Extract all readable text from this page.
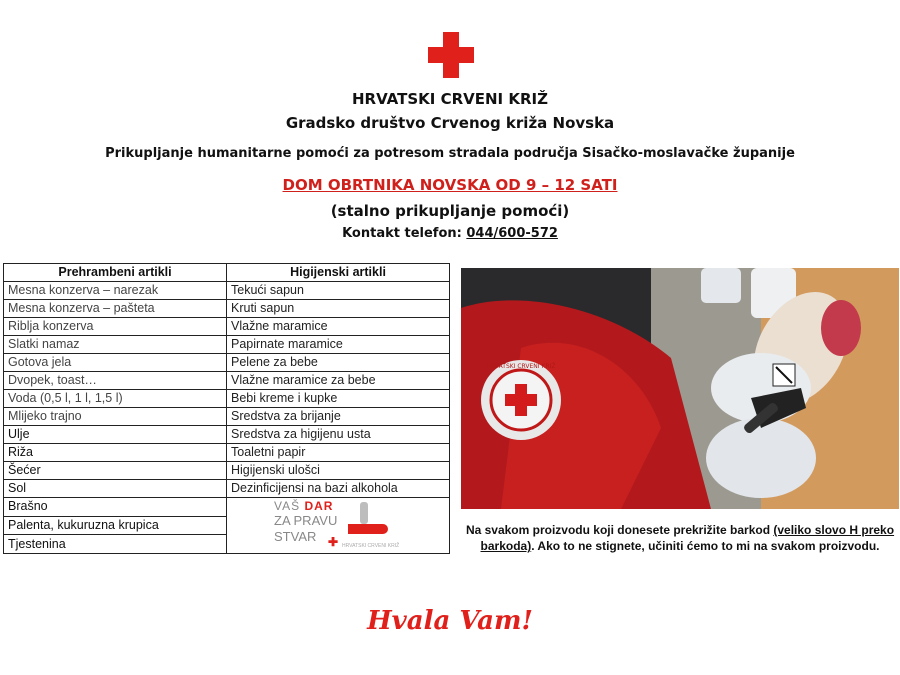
HRVATSKI CRVENI KRIŽ
Gradsko društvo Crvenog križa Novska
Prikupljanje humanitarne pomoći za potresom stradala područja Sisačko-moslavačke županije
DOM OBRTNIKA NOVSKA OD 9 – 12 SATI
(stalno prikupljanje pomoći)
Kontakt telefon: 044/600-572
Prehrambeni artikli	Higijenski artikli
Mesna konzerva – narezak	Tekući sapun
Mesna konzerva – pašteta	Kruti sapun
Riblja konzerva	Vlažne maramice
Slatki namaz	Papirnate maramice
Gotova jela	Pelene za bebe
Dvopek, toast…	Vlažne maramice za bebe
Voda (0,5 l, 1 l, 1,5 l)	Bebi kreme i kupke
Mlijeko trajno	Sredstva za brijanje
Ulje	Sredstva za higijenu usta
Riža	Toaletni papir
Šećer	Higijenski ulošci
Sol	Dezinficijensi na bazi alkohola
Brašno	VAŠ DAR
ZA PRAVU
STVAR ✚ HRVATSKI CRVENI KRIŽ

Palenta, kukuruzna krupica	
Tjestenina	
HRVATSKI CRVENI KRIŽ
Na svakom proizvodu koji donesete prekrižite barkod (veliko slovo H preko barkoda). Ako to ne stignete, učiniti ćemo to mi na svakom proizvodu.
Hvala Vam!
